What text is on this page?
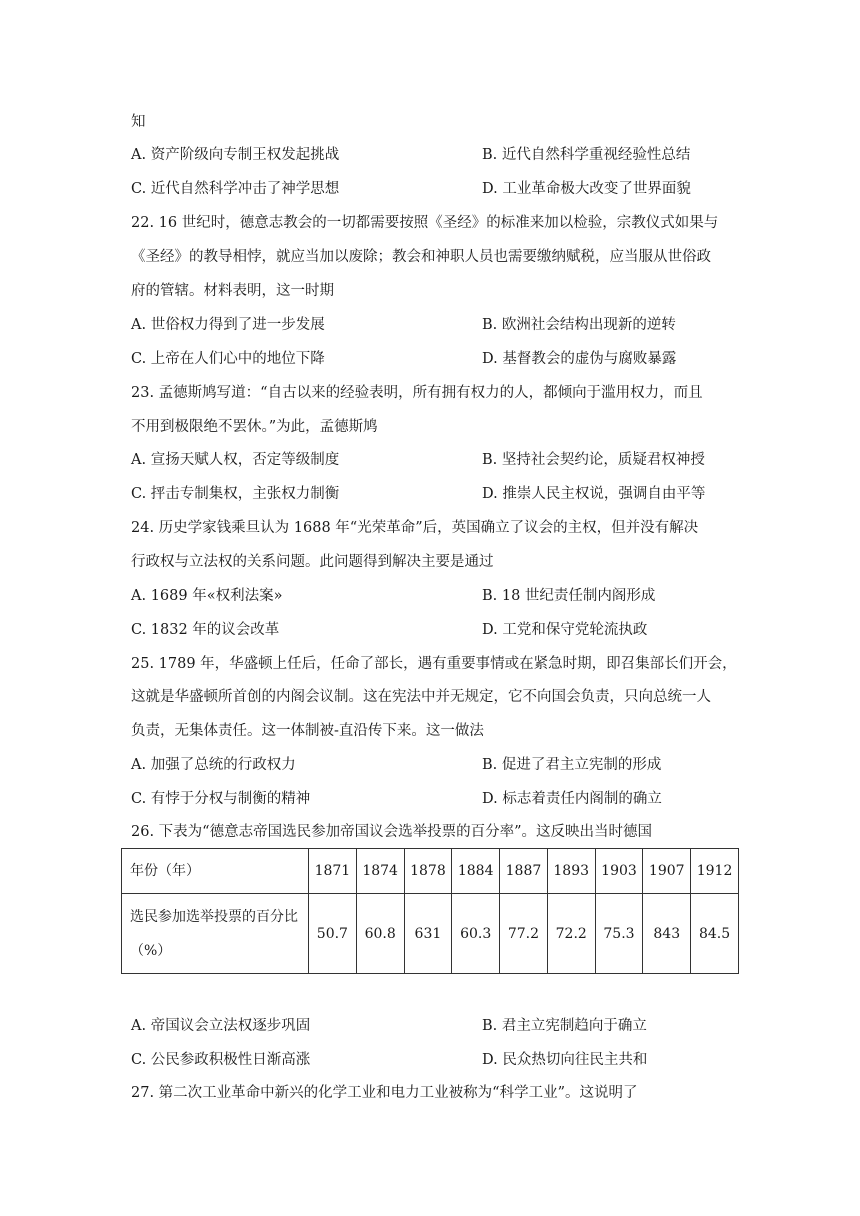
知
A. 资产阶级向专制王权发起挑战	B. 近代自然科学重视经验性总结
C. 近代自然科学冲击了神学思想	D. 工业革命极大改变了世界面貌
22. 16 世纪时，德意志教会的一切都需要按照《圣经》的标准来加以检验，宗教仪式如果与
《圣经》的教导相悖，就应当加以废除；教会和神职人员也需要缴纳赋税，应当服从世俗政
府的管辖。材料表明，这一时期
A. 世俗权力得到了进一步发展	B. 欧洲社会结构出现新的逆转
C. 上帝在人们心中的地位下降	D. 基督教会的虚伪与腐败暴露
23. 孟德斯鸠写道：“自古以来的经验表明，所有拥有权力的人，都倾向于滥用权力，而且
不用到极限绝不罢休。”为此，孟德斯鸠
A. 宣扬天赋人权，否定等级制度	B. 坚持社会契约论，质疑君权神授
C. 抨击专制集权，主张权力制衡	D. 推崇人民主权说，强调自由平等
24. 历史学家钱乘旦认为 1688 年“光荣革命”后，英国确立了议会的主权，但并没有解决
行政权与立法权的关系问题。此问题得到解决主要是通过
A. 1689 年«权利法案»	B. 18 世纪责任制内阁形成
C. 1832 年的议会改革	D. 工党和保守党轮流执政
25. 1789 年，华盛顿上任后，任命了部长，遇有重要事情或在紧急时期，即召集部长们开会，
这就是华盛顿所首创的内阁会议制。这在宪法中并无规定，它不向国会负责，只向总统一人
负责，无集体责任。这一体制被-直沿传下来。这一做法
A. 加强了总统的行政权力	B. 促进了君主立宪制的形成
C. 有悖于分权与制衡的精神	D. 标志着责任内阁制的确立
26. 下表为“德意志帝国选民参加帝国议会选举投票的百分率”。这反映出当时德国
年份（年）	1871	1874	1878	1884	1887	1893	1903	1907	1912
选民参加选举投票的百分比（%）	50.7	60.8	631	60.3	77.2	72.2	75.3	843	84.5
A. 帝国议会立法权逐步巩固	B. 君主立宪制趋向于确立
C. 公民参政积极性日渐高涨	D. 民众热切向往民主共和
27. 第二次工业革命中新兴的化学工业和电力工业被称为“科学工业”。这说明了
